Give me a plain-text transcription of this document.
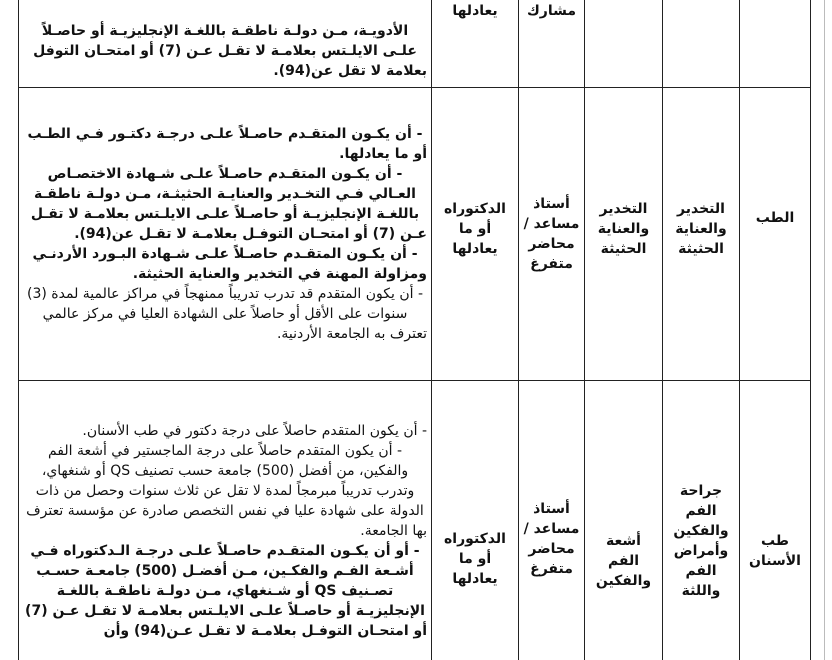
			مشارك	يعادلها	

الأدويـة، مـن دولـة ناطقـة باللغـة الإنجليزيـة أو حاصـلاً علـى الايلـتس بعلامـة لا تقـل عـن (7) أو امتحـان التوفل بعلامة لا تقل عن(94).

الطب	التخدير والعناية الحثيثة	التخدير والعناية الحثيثة	أستاذ مساعد / محاضر متفرغ	الدكتوراه أو ما يعادلها	

- أن يكـون المتقـدم حاصـلاً علـى درجـة دكتـور فـي الطـب أو ما يعادلها.

- أن يكـون المتقـدم حاصـلاً علـى شـهادة الاختصـاص العـالي فـي التخـدير والعنايـة الحثيثـة، مـن دولـة ناطقـة باللغـة الإنجليزيـة أو حاصـلاً علـى الايلـتس بعلامـة لا تقـل عـن (7) أو امتحـان التوفـل بعلامـة لا تقـل عن(94).

- أن يكـون المتقـدم حاصـلاً علـى شـهادة البـورد الأردنـي ومزاولة المهنة في التخدير والعناية الحثيثة.

- أن يكون المتقدم قد تدرب تدريباً ممنهجاً في مراكز عالمية لمدة (3) سنوات على الأقل أو حاصلاً على الشهادة العليا في مركز عالمي تعترف به الجامعة الأردنية.

طب الأسنان	جراحة الفم والفكين وأمراض الفم واللثة	أشعة الفم والفكين	أستاذ مساعد / محاضر متفرغ	الدكتوراه أو ما يعادلها	

- أن يكون المتقدم حاصلاً على درجة دكتور في طب الأسنان.

- أن يكون المتقدم حاصلاً على درجة الماجستير في أشعة الفم والفكين، من أفضل (500) جامعة حسب تصنيف QS أو شنغهاي، وتدرب تدريباً مبرمجاً لمدة لا تقل عن ثلاث سنوات وحصل من ذات الدولة على شهادة عليا في نفس التخصص صادرة عن مؤسسة تعترف بها الجامعة.

- أو أن يكـون المتقـدم حاصـلاً علـى درجـة الـدكتوراه فـي أشـعة الفـم والفكـين، مـن أفضـل (500) جامعـة حسـب تصـنيف QS أو شـنغهاي، مـن دولـة ناطقـة باللغـة الإنجليزيـة أو حاصـلاً علـى الايلـتس بعلامـة لا تقـل عـن (7) أو امتحـان التوفـل بعلامـة لا تقـل عـن(94) وأن
